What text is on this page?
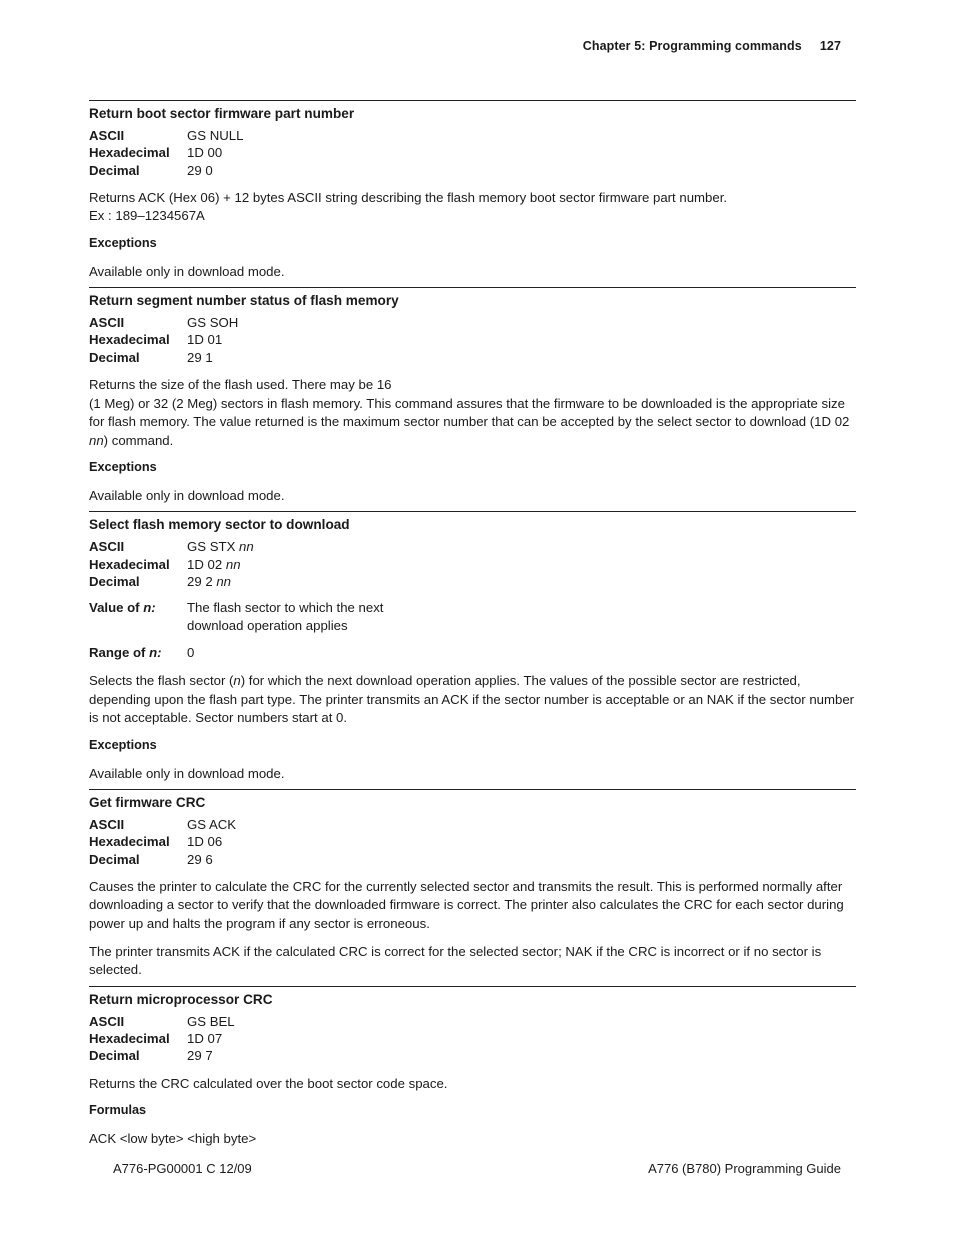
Chapter 5: Programming commands 127
Return boot sector firmware part number
ASCII	GS NULL
Hexadecimal	1D 00
Decimal	29 0
Returns ACK (Hex 06) + 12 bytes ASCII string describing the flash memory boot sector firmware part number.
Ex : 189–1234567A
Exceptions
Available only in download mode.
Return segment number status of flash memory
ASCII	GS SOH
Hexadecimal	1D 01
Decimal	29 1
Returns the size of the flash used. There may be 16
(1 Meg) or 32 (2 Meg) sectors in flash memory. This command assures that the firmware to be downloaded is the appropriate size for flash memory. The value returned is the maximum sector number that can be accepted by the select sector to download (1D 02 nn) command.
Exceptions
Available only in download mode.
Select flash memory sector to download
ASCII	GS STX nn
Hexadecimal	1D 02 nn
Decimal	29 2 nn
Value of n:	The flash sector to which the next
download operation applies
Range of n:	0
Selects the flash sector (n) for which the next download operation applies. The values of the possible sector are restricted, depending upon the flash part type. The printer transmits an ACK if the sector number is acceptable or an NAK if the sector number is not acceptable. Sector numbers start at 0.
Exceptions
Available only in download mode.
Get firmware CRC
ASCII	GS ACK
Hexadecimal	1D 06
Decimal	29 6
Causes the printer to calculate the CRC for the currently selected sector and transmits the result. This is performed normally after downloading a sector to verify that the downloaded firmware is correct. The printer also calculates the CRC for each sector during power up and halts the program if any sector is erroneous.
The printer transmits ACK if the calculated CRC is correct for the selected sector; NAK if the CRC is incorrect or if no sector is selected.
Return microprocessor CRC
ASCII	GS BEL
Hexadecimal	1D 07
Decimal	29 7
Returns the CRC calculated over the boot sector code space.
Formulas
ACK <low byte> <high byte>
A776-PG00001 C 12/09	A776 (B780) Programming Guide
